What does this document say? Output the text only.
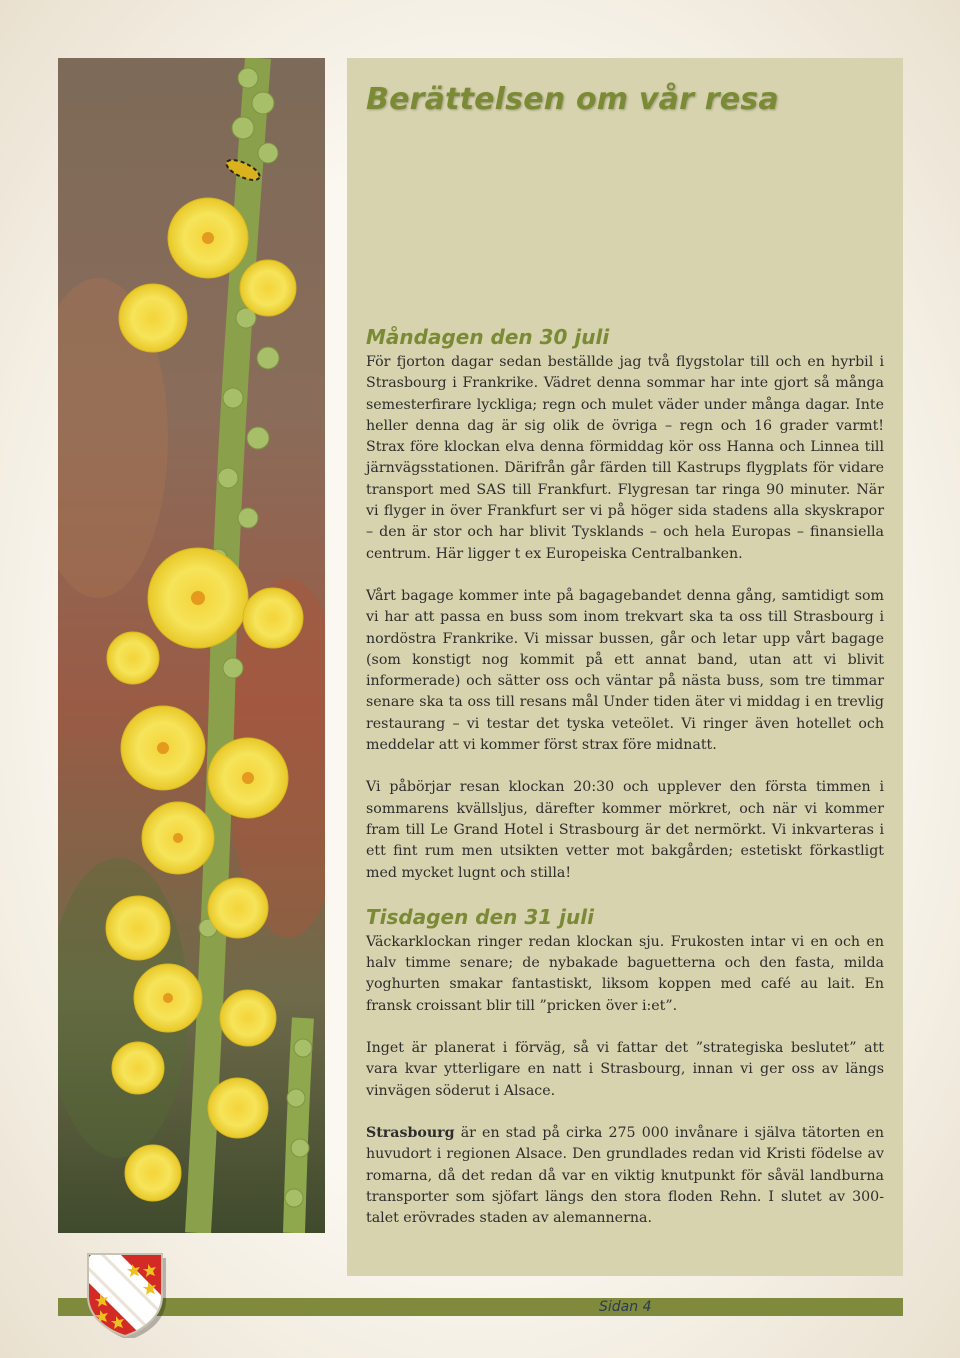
Berättelsen om vår resa
Måndagen den 30 juli

För fjorton dagar sedan beställde jag två flygstolar till och en hyrbil i Strasbourg i Frankrike. Vädret denna sommar har inte gjort så många semesterfirare lyckliga; regn och mulet väder under många dagar. Inte heller denna dag är sig olik de övriga – regn och 16 grader varmt! Strax före klockan elva denna förmiddag kör oss Hanna och Linnea till järnvägsstationen. Därifrån går färden till Kastrups flygplats för vidare transport med SAS till Frankfurt. Flygresan tar ringa 90 minuter. När vi flyger in över Frankfurt ser vi på höger sida stadens alla skyskrapor – den är stor och har blivit Tysklands – och hela Europas – finansiella centrum. Här ligger t ex Europeiska Centralbanken.

Vårt bagage kommer inte på bagagebandet denna gång, samtidigt som vi har att passa en buss som inom trekvart ska ta oss till Strasbourg i nordöstra Frankrike. Vi missar bussen, går och letar upp vårt bagage (som konstigt nog kommit på ett annat band, utan att vi blivit informerade) och sätter oss och väntar på nästa buss, som tre timmar senare ska ta oss till resans mål Under tiden äter vi middag i en trevlig restaurang – vi testar det tyska veteölet. Vi ringer även hotellet och meddelar att vi kommer först strax före midnatt.

Vi påbörjar resan klockan 20:30 och upplever den första timmen i sommarens kvällsljus, därefter kommer mörkret, och när vi kommer fram till Le Grand Hotel i Strasbourg är det nermörkt. Vi inkvarteras i ett fint rum men utsikten vetter mot bakgården; estetiskt förkastligt med mycket lugnt och stilla!

Tisdagen den 31 juli

Väckarklockan ringer redan klockan sju. Frukosten intar vi en och en halv timme senare; de nybakade baguetterna och den fasta, milda yoghurten smakar fantastiskt, liksom koppen med café au lait. En fransk croissant blir till ”pricken över i:et”.

Inget är planerat i förväg, så vi fattar det ”strategiska beslutet” att vara kvar ytterligare en natt i Strasbourg, innan vi ger oss av längs vinvägen söderut i Alsace.

Strasbourg är en stad på cirka 275 000 invånare i själva tätorten en huvudort i regionen Alsace. Den grundlades redan vid Kristi födelse av romarna, då det redan då var en viktig knutpunkt för såväl landburna transporter som sjöfart längs den stora floden Rehn. I slutet av 300-talet erövrades staden av alemannerna.

Sidan 4
